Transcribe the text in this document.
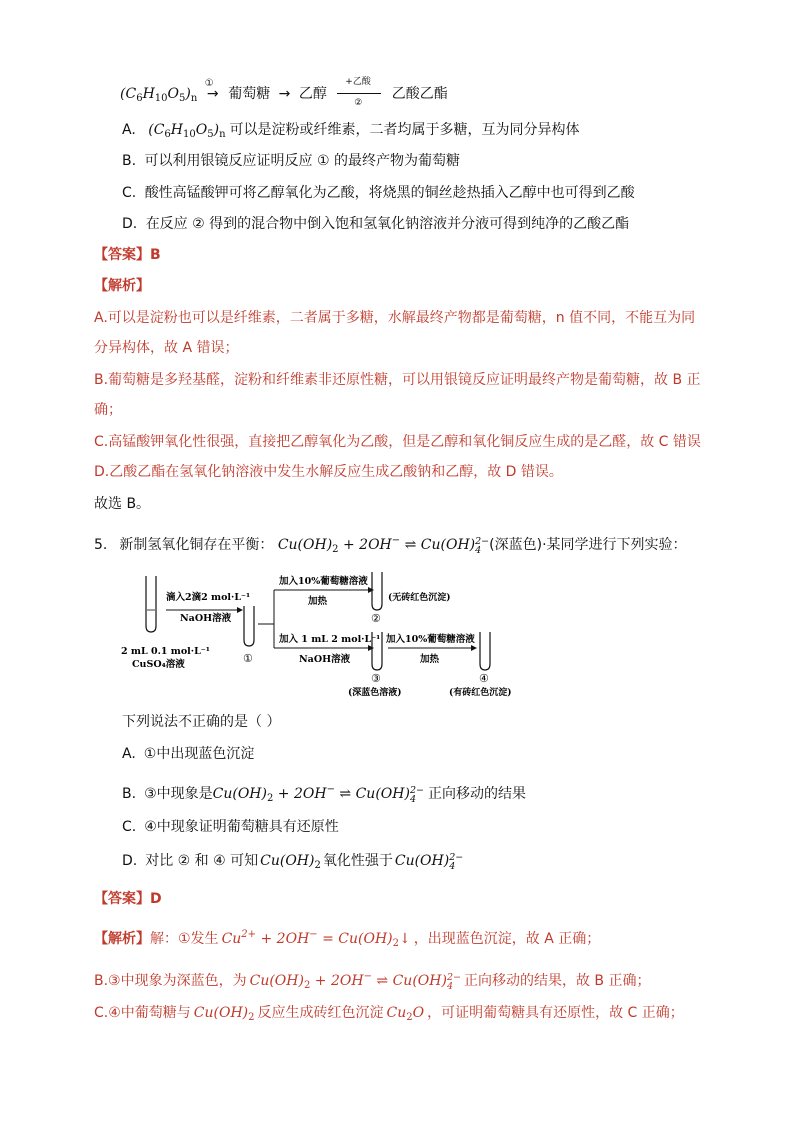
$(C_6H_{10}O_5)_n$
①
→ 葡萄糖 → 乙醇
+乙酸
②
乙酸乙酯
A. $(C_6H_{10}O_5)_n$ 可以是淀粉或纤维素，二者均属于多糖，互为同分异构体
B. 可以利用银镜反应证明反应 ① 的最终产物为葡萄糖
C. 酸性高锰酸钾可将乙醇氧化为乙酸，将烧黑的铜丝趁热插入乙醇中也可得到乙酸
D. 在反应 ② 得到的混合物中倒入饱和氢氧化钠溶液并分液可得到纯净的乙酸乙酯
【答案】B
【解析】
A.可以是淀粉也可以是纤维素，二者属于多糖，水解最终产物都是葡萄糖，n 值不同，不能互为同
分异构体，故 A 错误；
B.葡萄糖是多羟基醛，淀粉和纤维素非还原性糖，可以用银镜反应证明最终产物是葡萄糖，故 B 正
确；
C.高锰酸钾氧化性很强，直接把乙醇氧化为乙酸，但是乙醇和氧化铜反应生成的是乙醛，故 C 错误
D.乙酸乙酯在氢氧化钠溶液中发生水解反应生成乙酸钠和乙醇，故 D 错误。
故选 B。
5. 新制氢氧化铜存在平衡： $Cu(OH)_2 + 2OH^-$ ⇌ Cu(OH) 2−
4 (深蓝色)·某同学进行下列实验：
2 mL 0.1 mol·L⁻¹
CuSO₄溶液
滴入2滴2 mol·L⁻¹
NaOH溶液
①
加入10%葡萄糖溶液
加热	(无砖红色沉淀)
②
加入 1 mL 2 mol·L⁻¹
NaOH溶液
③
(深蓝色溶液)
加入10%葡萄糖溶液
加热
④
(有砖红色沉淀)
下列说法不正确的是（ ）
A. ①中出现蓝色沉淀
B. ③中现象是$Cu(OH)_2 + 2OH^-$ ⇌ Cu(OH) 2−
4 正向移动的结果
C. ④中现象证明葡萄糖具有还原性
D. 对比 ② 和 ④ 可知 $Cu(OH)_2$ 氧化性强于 Cu(OH) 2−
4
【答案】D
【解析】解：①发生 $Cu^{2+} + 2OH^-$ = $Cu(OH)_2↓$ ，出现蓝色沉淀，故 A 正确；
B.③中现象为深蓝色，为 $Cu(OH)_2 + 2OH^-$ ⇌ Cu(OH) 2−
4 正向移动的结果，故 B 正确；
C.④中葡萄糖与 $Cu(OH)_2$ 反应生成砖红色沉淀 $Cu_2O$ ，可证明葡萄糖具有还原性，故 C 正确；
